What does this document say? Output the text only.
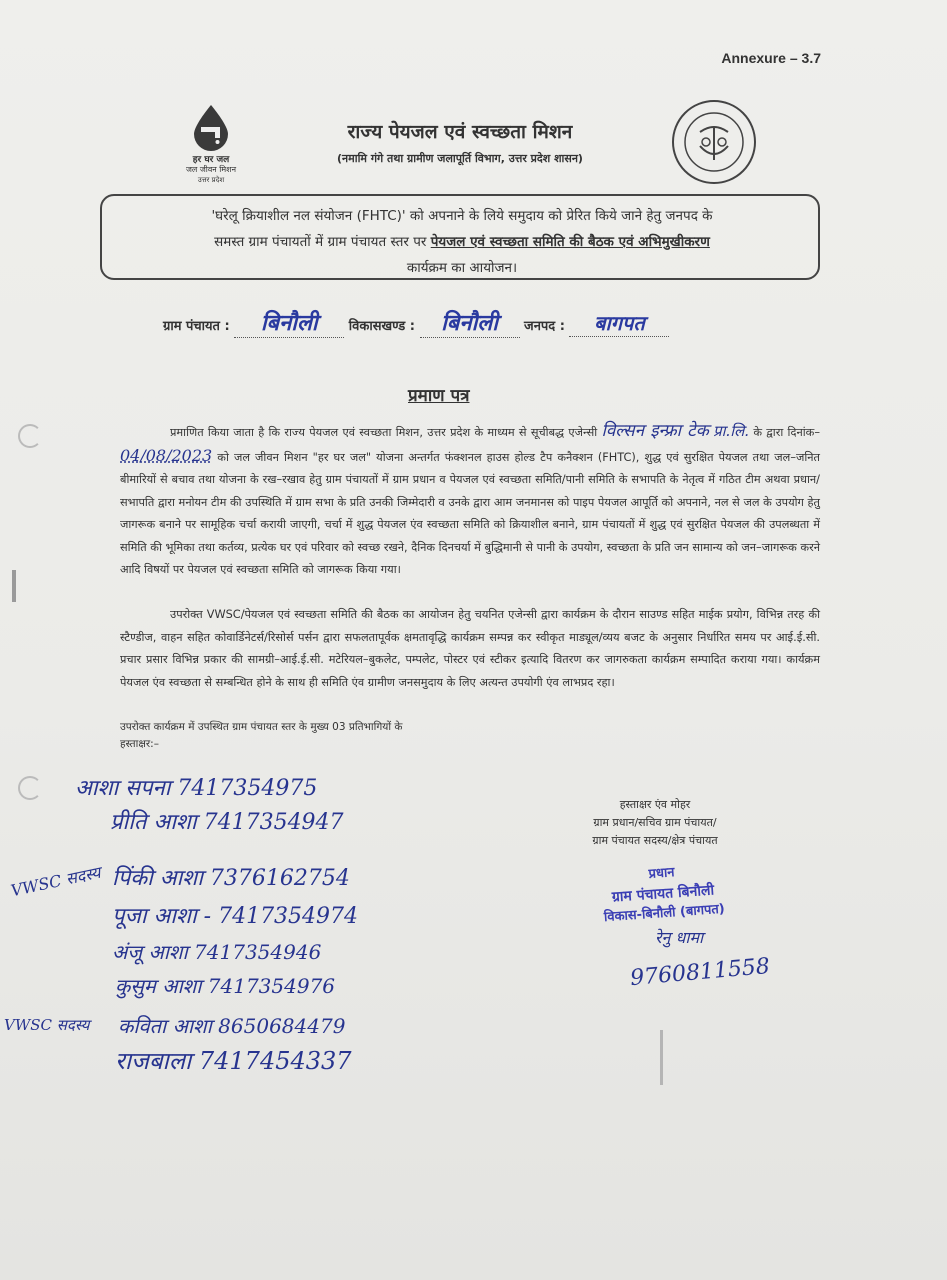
Annexure – 3.7
हर घर जल
जल जीवन मिशन
उत्तर प्रदेश
राज्य पेयजल एवं स्वच्छता मिशन
(नमामि गंगे तथा ग्रामीण जलापूर्ति विभाग, उत्तर प्रदेश शासन)
'घरेलू क्रियाशील नल संयोजन (FHTC)' को अपनाने के लिये समुदाय को प्रेरित किये जाने हेतु जनपद के
समस्त ग्राम पंचायतों में ग्राम पंचायत स्तर पर पेयजल एवं स्वच्छता समिति की बैठक एवं अभिमुखीकरण
कार्यक्रम का आयोजन।
ग्राम पंचायत : बिनौली विकासखण्ड : बिनौली जनपद : बागपत
प्रमाण पत्र
प्रमाणित किया जाता है कि राज्य पेयजल एवं स्वच्छता मिशन, उत्तर प्रदेश के माध्यम से सूचीबद्ध एजेन्सी विल्सन इन्फ्रा टेक प्रा.लि. के द्वारा दिनांक– 04/08/2023 को जल जीवन मिशन "हर घर जल" योजना अन्तर्गत फंक्शनल हाउस होल्ड टैप कनैक्शन (FHTC), शुद्ध एवं सुरक्षित पेयजल तथा जल–जनित बीमारियों से बचाव तथा योजना के रख–रखाव हेतु ग्राम पंचायतों में ग्राम प्रधान व पेयजल एवं स्वच्छता समिति/पानी समिति के सभापति के नेतृत्व में गठित टीम अथवा प्रधान/सभापति द्वारा मनोयन टीम की उपस्थिति में ग्राम सभा के प्रति उनकी जिम्मेदारी व उनके द्वारा आम जनमानस को पाइप पेयजल आपूर्ति को अपनाने, नल से जल के उपयोग हेतु जागरूक बनाने पर सामूहिक चर्चा करायी जाएगी, चर्चा में शुद्ध पेयजल एंव स्वच्छता समिति को क्रियाशील बनाने, ग्राम पंचायतों में शुद्ध एवं सुरक्षित पेयजल की उपलब्धता में समिति की भूमिका तथा कर्तव्य, प्रत्येक घर एवं परिवार को स्वच्छ रखने, दैनिक दिनचर्या में बुद्धिमानी से पानी के उपयोग, स्वच्छता के प्रति जन सामान्य को जन–जागरूक करने आदि विषयों पर पेयजल एवं स्वच्छता समिति को जागरूक किया गया।
उपरोक्त VWSC/पेयजल एवं स्वच्छता समिति की बैठक का आयोजन हेतु चयनित एजेन्सी द्वारा कार्यक्रम के दौरान साउण्ड सहित माईक प्रयोग, विभिन्न तरह की स्टैण्डीज, वाहन सहित कोवार्डिनेटर्स/रिसोर्स पर्सन द्वारा सफलतापूर्वक क्षमतावृद्धि कार्यक्रम सम्पन्न कर स्वीकृत माड्यूल/व्यय बजट के अनुसार निर्धारित समय पर आई.ई.सी. प्रचार प्रसार विभिन्न प्रकार की सामग्री–आई.ई.सी. मटेरियल–बुकलेट, पम्पलेट, पोस्टर एवं स्टीकर इत्यादि वितरण कर जागरुकता कार्यक्रम सम्पादित कराया गया। कार्यक्रम पेयजल एंव स्वच्छता से सम्बन्धित होने के साथ ही समिति एंव ग्रामीण जनसमुदाय के लिए अत्यन्त उपयोगी एंव लाभप्रद रहा।
उपरोक्त कार्यक्रम में उपस्थित ग्राम पंचायत स्तर के मुख्य 03 प्रतिभागियों के
हस्ताक्षर:–
आशा सपना 7417354975
प्रीति आशा 7417354947
VWSC सदस्य पिंकी आशा 7376162754
पूजा आशा - 7417354974
अंजू आशा 7417354946
कुसुम आशा 7417354976
VWSC सदस्य कविता आशा 8650684479
राजबाला 7417454337
हस्ताक्षर एंव मोहर
ग्राम प्रधान/सचिव ग्राम पंचायत/
ग्राम पंचायत सदस्य/क्षेत्र पंचायत
प्रधान
ग्राम पंचायत बिनौली
विकास-बिनौली (बागपत)
रेनु धामा
9760811558
